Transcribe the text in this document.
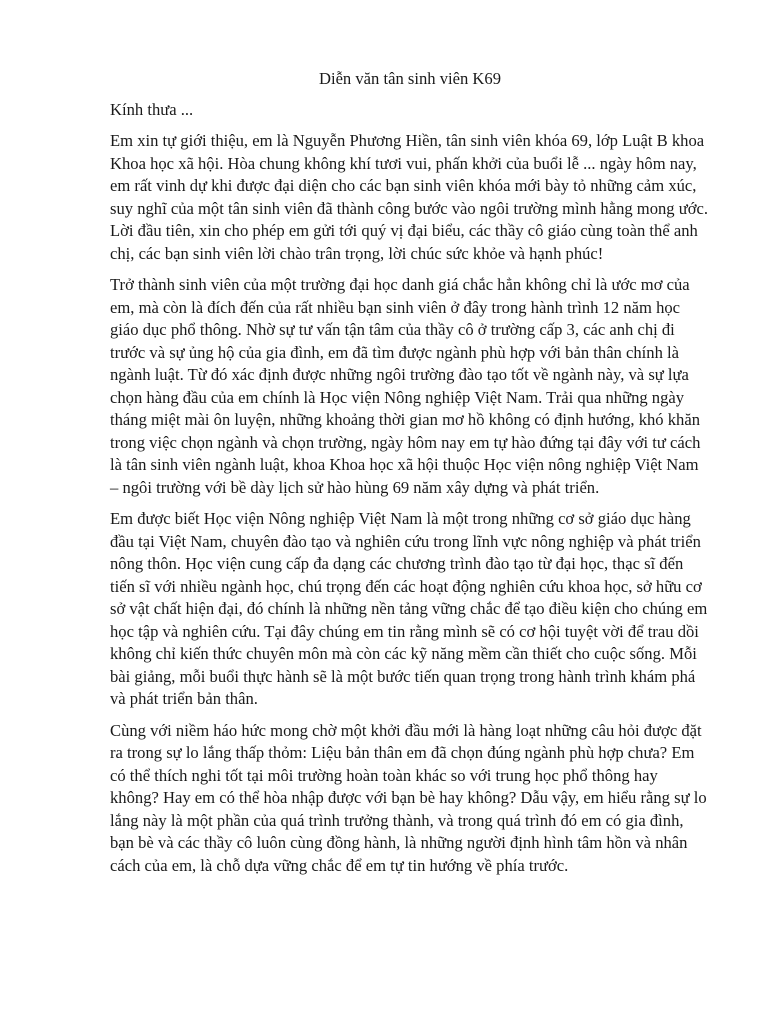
Diễn văn tân sinh viên K69
Kính thưa ...
Em xin tự giới thiệu, em là Nguyễn Phương Hiền, tân sinh viên khóa 69, lớp Luật B khoa Khoa học xã hội. Hòa chung không khí tươi vui, phấn khởi của buổi lễ ... ngày hôm nay, em rất vinh dự khi được đại diện cho các bạn sinh viên khóa mới bày tỏ những cảm xúc, suy nghĩ của một tân sinh viên đã thành công bước vào ngôi trường mình hằng mong ước. Lời đầu tiên, xin cho phép em gửi tới quý vị đại biểu, các thầy cô giáo cùng toàn thể anh chị, các bạn sinh viên lời chào trân trọng, lời chúc sức khỏe và hạnh phúc!
Trở thành sinh viên của một trường đại học danh giá chắc hẳn không chỉ là ước mơ của em, mà còn là đích đến của rất nhiều bạn sinh viên ở đây trong hành trình 12 năm học giáo dục phổ thông. Nhờ sự tư vấn tận tâm của thầy cô ở trường cấp 3, các anh chị đi trước và sự ủng hộ của gia đình, em đã tìm được ngành phù hợp với bản thân chính là ngành luật. Từ đó xác định được những ngôi trường đào tạo tốt về ngành này, và sự lựa chọn hàng đầu của em chính là Học viện Nông nghiệp Việt Nam. Trải qua những ngày tháng miệt mài ôn luyện, những khoảng thời gian mơ hồ không có định hướng, khó khăn trong việc chọn ngành và chọn trường, ngày hôm nay em tự hào đứng tại đây với tư cách là tân sinh viên ngành luật, khoa Khoa học xã hội thuộc Học viện nông nghiệp Việt Nam – ngôi trường với bề dày lịch sử hào hùng 69 năm xây dựng và phát triển.
Em được biết Học viện Nông nghiệp Việt Nam là một trong những cơ sở giáo dục hàng đầu tại Việt Nam, chuyên đào tạo và nghiên cứu trong lĩnh vực nông nghiệp và phát triển nông thôn. Học viện cung cấp đa dạng các chương trình đào tạo từ đại học, thạc sĩ đến tiến sĩ với nhiều ngành học, chú trọng đến các hoạt động nghiên cứu khoa học, sở hữu cơ sở vật chất hiện đại, đó chính là những nền tảng vững chắc để tạo điều kiện cho chúng em học tập và nghiên cứu. Tại đây chúng em tin rằng mình sẽ có cơ hội tuyệt vời để trau dồi không chỉ kiến thức chuyên môn mà còn các kỹ năng mềm cần thiết cho cuộc sống. Mỗi bài giảng, mỗi buổi thực hành sẽ là một bước tiến quan trọng trong hành trình khám phá và phát triển bản thân.
Cùng với niềm háo hức mong chờ một khởi đầu mới là hàng loạt những câu hỏi được đặt ra trong sự lo lắng thấp thỏm: Liệu bản thân em đã chọn đúng ngành phù hợp chưa? Em có thể thích nghi tốt tại môi trường hoàn toàn khác so với trung học phổ thông hay không? Hay em có thể hòa nhập được với bạn bè hay không? Dẫu vậy, em hiểu rằng sự lo lắng này là một phần của quá trình trưởng thành, và trong quá trình đó em có gia đình, bạn bè và các thầy cô luôn cùng đồng hành, là những người định hình tâm hồn và nhân cách của em, là chỗ dựa vững chắc để em tự tin hướng về phía trước.
